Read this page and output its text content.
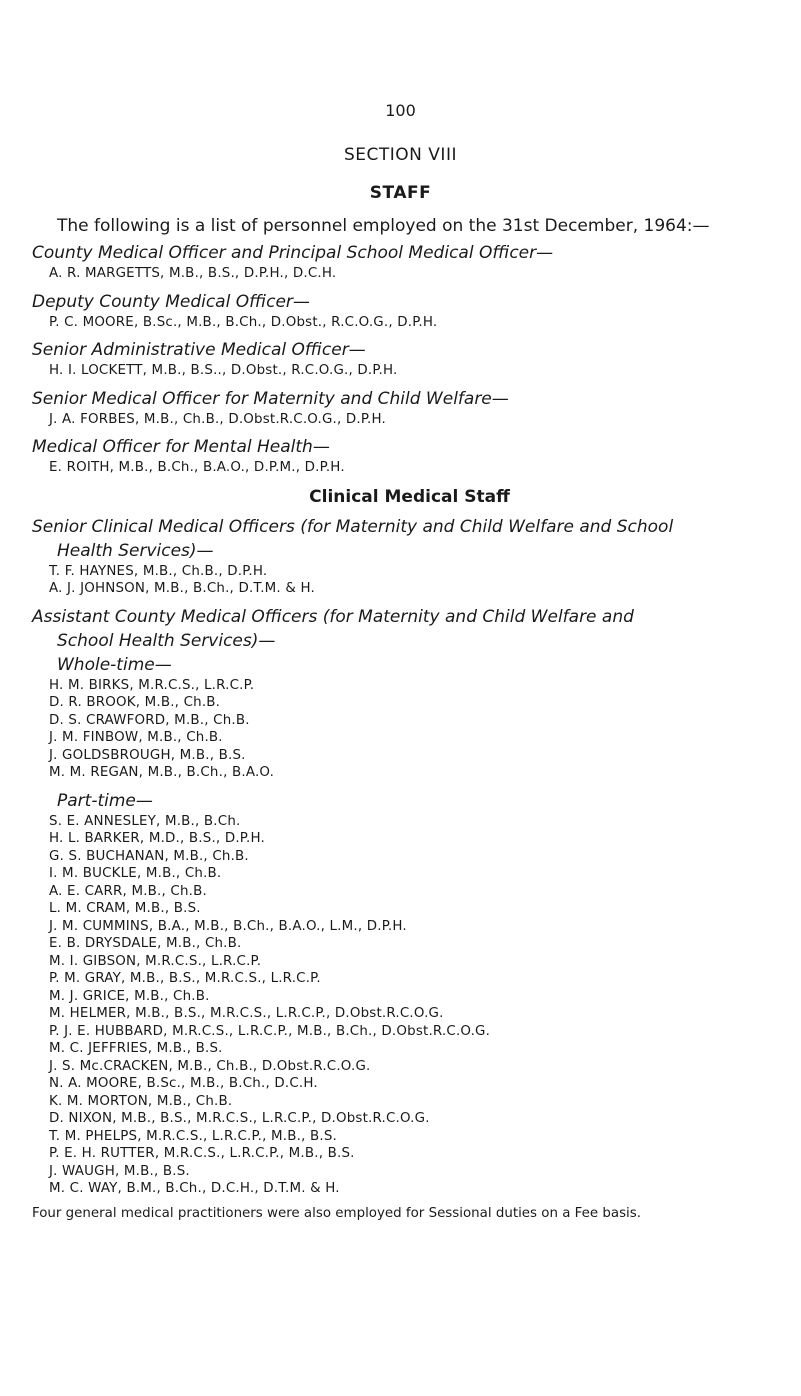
100
SECTION VIII
STAFF

The following is a list of personnel employed on the 31st December, 1964:—

County Medical Officer and Principal School Medical Officer—
A. R. MARGETTS, M.B., B.S., D.P.H., D.C.H.
Deputy County Medical Officer—
P. C. MOORE, B.Sc., M.B., B.Ch., D.Obst., R.C.O.G., D.P.H.
Senior Administrative Medical Officer—
H. I. LOCKETT, M.B., B.S.., D.Obst., R.C.O.G., D.P.H.
Senior Medical Officer for Maternity and Child Welfare—
J. A. FORBES, M.B., Ch.B., D.Obst.R.C.O.G., D.P.H.
Medical Officer for Mental Health—
E. ROITH, M.B., B.Ch., B.A.O., D.P.M., D.P.H.
Clinical Medical Staff
Senior Clinical Medical Officers (for Maternity and Child Welfare and School
Health Services)—
T. F. HAYNES, M.B., Ch.B., D.P.H.
A. J. JOHNSON, M.B., B.Ch., D.T.M. & H.
Assistant County Medical Officers (for Maternity and Child Welfare and
School Health Services)—
Whole-time—
H. M. BIRKS, M.R.C.S., L.R.C.P.
D. R. BROOK, M.B., Ch.B.
D. S. CRAWFORD, M.B., Ch.B.
J. M. FINBOW, M.B., Ch.B.
J. GOLDSBROUGH, M.B., B.S.
M. M. REGAN, M.B., B.Ch., B.A.O.
Part-time—
S. E. ANNESLEY, M.B., B.Ch.
H. L. BARKER, M.D., B.S., D.P.H.
G. S. BUCHANAN, M.B., Ch.B.
I. M. BUCKLE, M.B., Ch.B.
A. E. CARR, M.B., Ch.B.
L. M. CRAM, M.B., B.S.
J. M. CUMMINS, B.A., M.B., B.Ch., B.A.O., L.M., D.P.H.
E. B. DRYSDALE, M.B., Ch.B.
M. I. GIBSON, M.R.C.S., L.R.C.P.
P. M. GRAY, M.B., B.S., M.R.C.S., L.R.C.P.
M. J. GRICE, M.B., Ch.B.
M. HELMER, M.B., B.S., M.R.C.S., L.R.C.P., D.Obst.R.C.O.G.
P. J. E. HUBBARD, M.R.C.S., L.R.C.P., M.B., B.Ch., D.Obst.R.C.O.G.
M. C. JEFFRIES, M.B., B.S.
J. S. Mc.CRACKEN, M.B., Ch.B., D.Obst.R.C.O.G.
N. A. MOORE, B.Sc., M.B., B.Ch., D.C.H.
K. M. MORTON, M.B., Ch.B.
D. NIXON, M.B., B.S., M.R.C.S., L.R.C.P., D.Obst.R.C.O.G.
T. M. PHELPS, M.R.C.S., L.R.C.P., M.B., B.S.
P. E. H. RUTTER, M.R.C.S., L.R.C.P., M.B., B.S.
J. WAUGH, M.B., B.S.
M. C. WAY, B.M., B.Ch., D.C.H., D.T.M. & H.
Four general medical practitioners were also employed for Sessional duties on a Fee basis.
